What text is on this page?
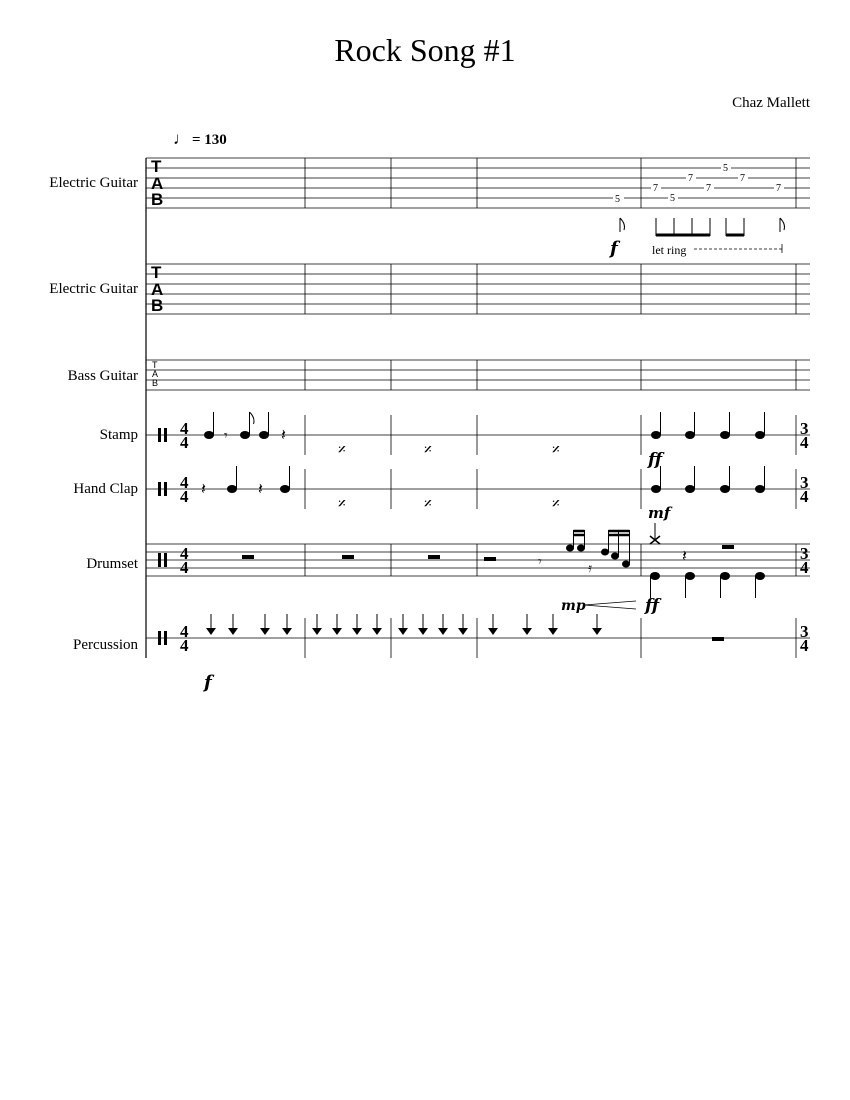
Rock Song #1
Chaz Mallett
♩ = 130
Electric Guitar
Electric Guitar
Bass Guitar
Stamp
Hand Clap
Drumset
Percussion
T
A
B	5
7
5
7
7
5
7
7
f	let ring
T
A
B
T
A
B
4
4	𝄾	𝄽
𝄎	𝄎	𝄎	ff
3
4
4
4 𝄽	𝄽
𝄎	𝄎	𝄎	mf
3
4
4
4	𝄾	𝄿
𝄽
mp	ff
3
4
4
4
f
3
4
